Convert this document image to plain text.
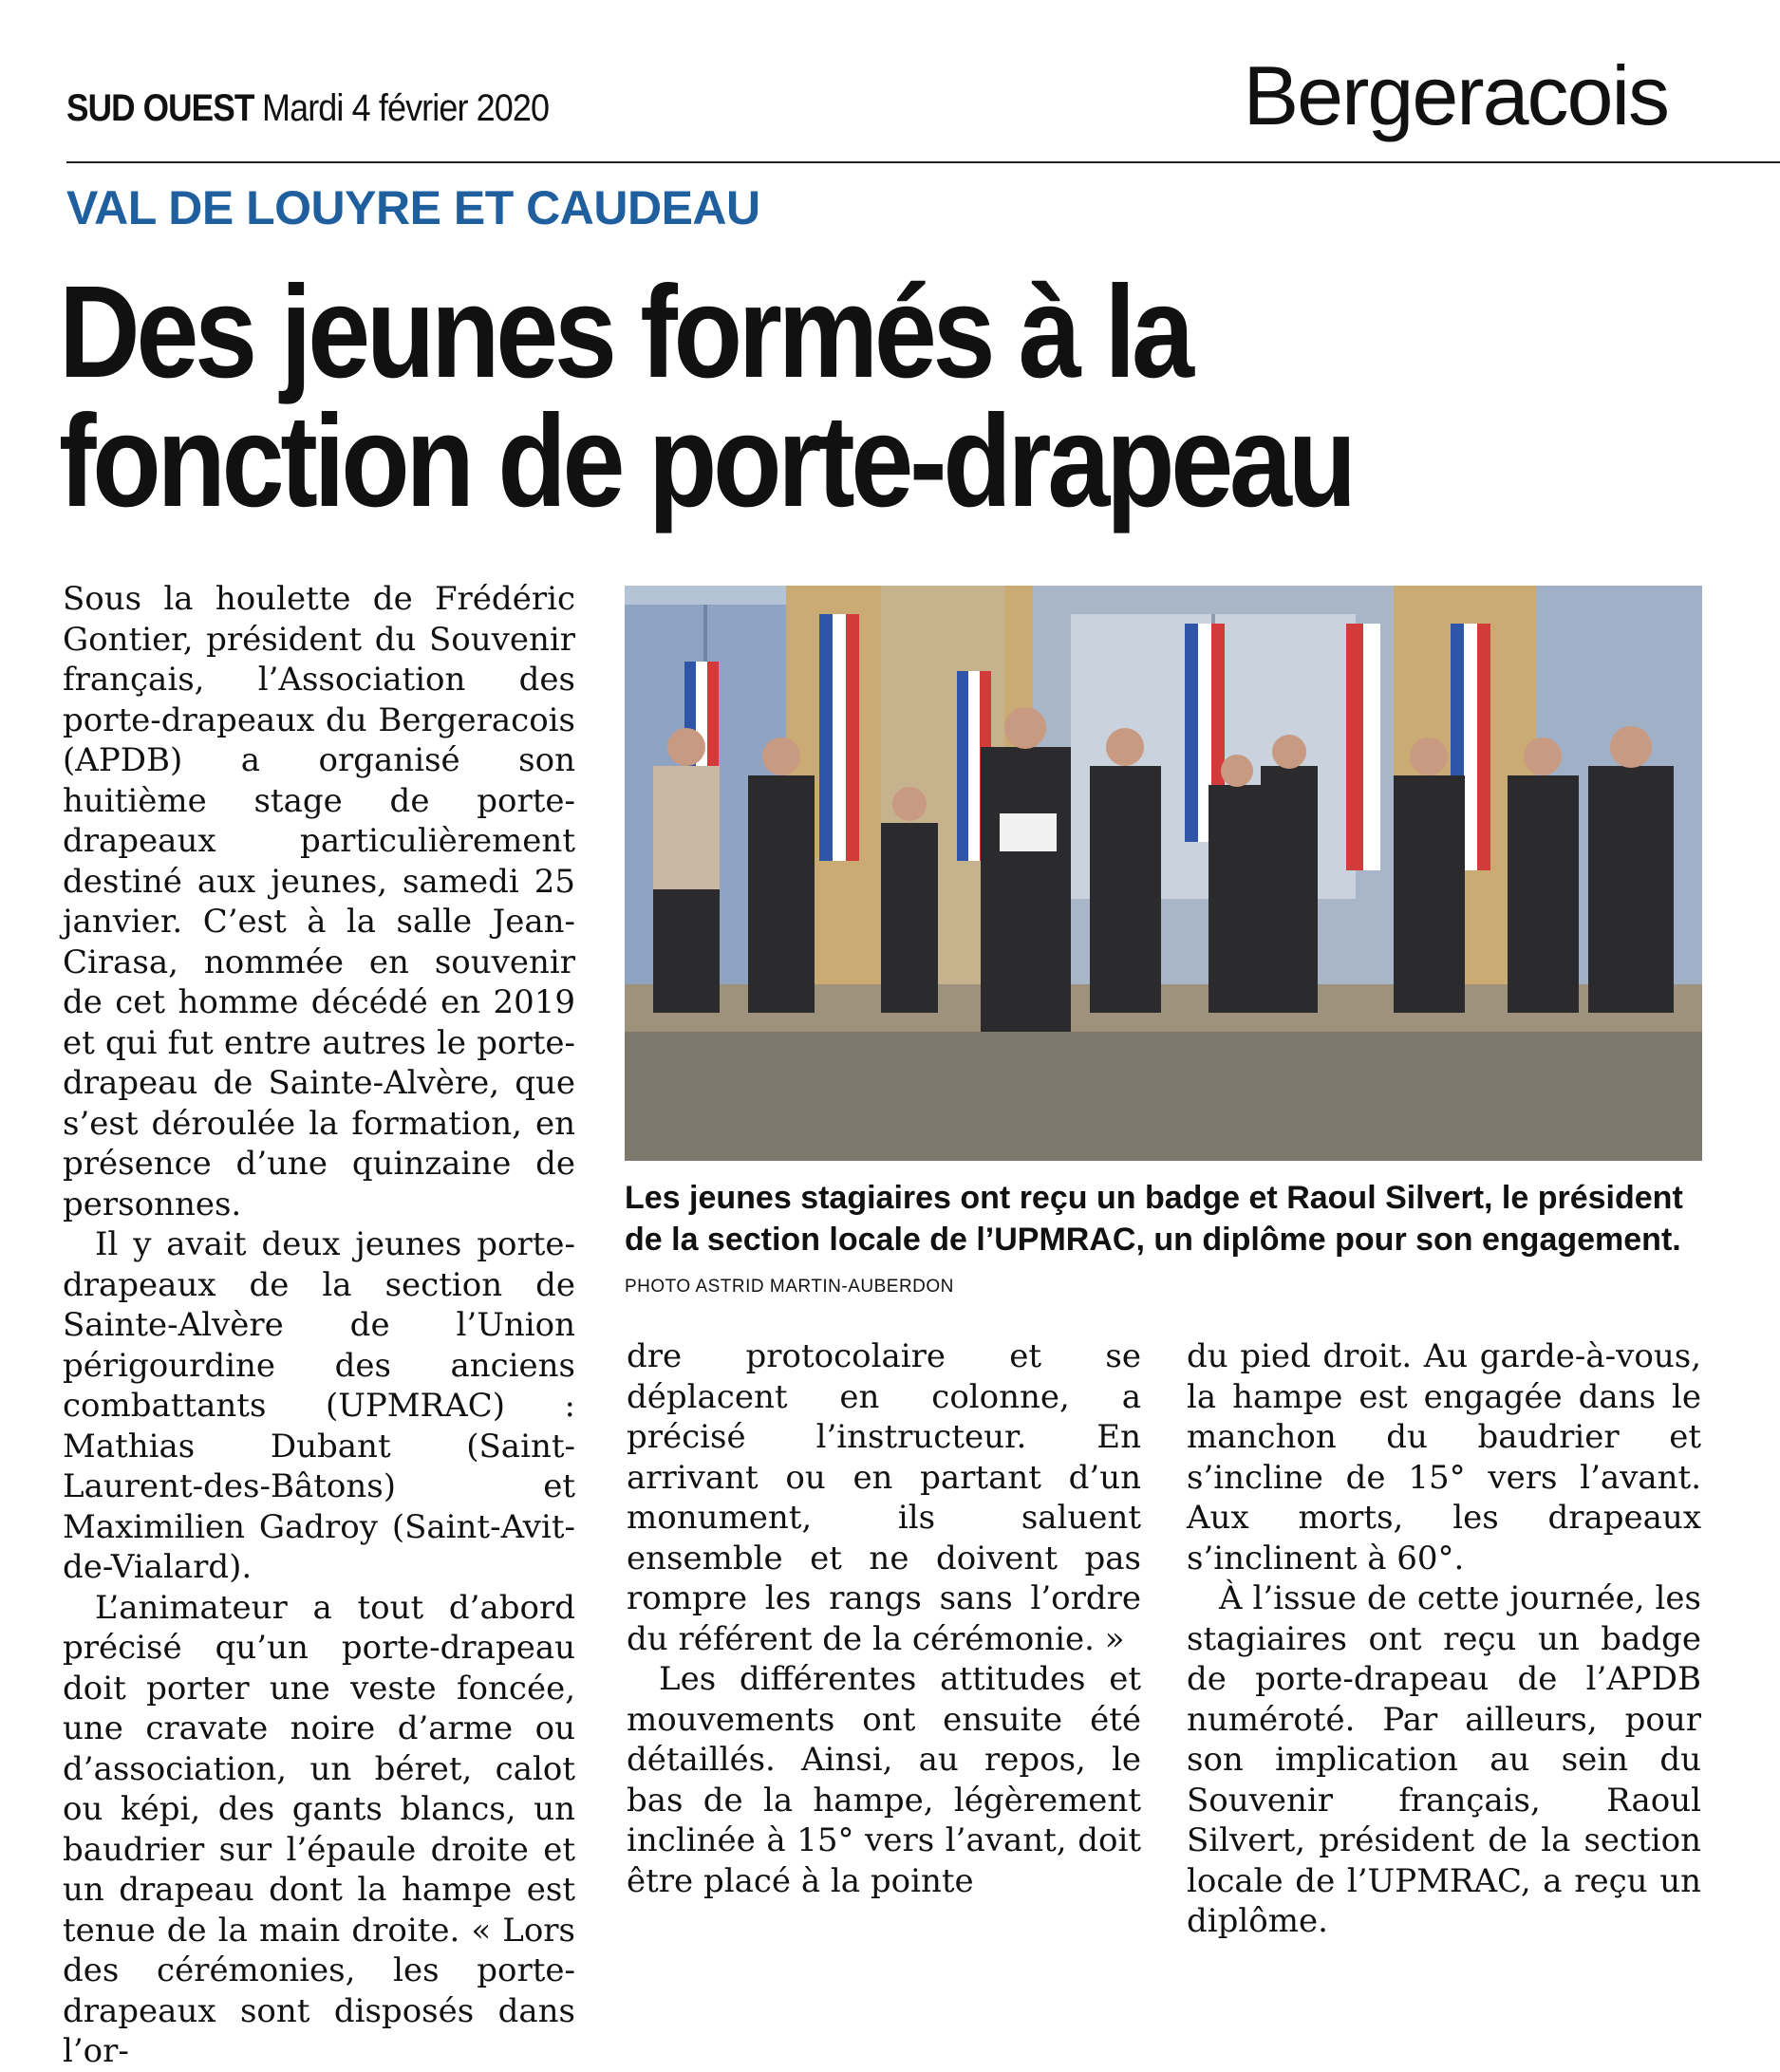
SUD OUEST Mardi 4 février 2020	Bergeracois
VAL DE LOUYRE ET CAUDEAU
Des jeunes formés à la
fonction de porte-drapeau

Sous la houlette de Frédéric Gontier, président du Souvenir français, l’Association des porte-drapeaux du Bergeracois (APDB) a organisé son huitième stage de porte-drapeaux particulièrement destiné aux jeunes, samedi 25 janvier. C’est à la salle Jean-Cirasa, nommée en souvenir de cet homme décédé en 2019 et qui fut entre autres le porte-drapeau de Sainte-Alvère, que s’est déroulée la formation, en présence d’une quinzaine de personnes.

Il y avait deux jeunes porte-drapeaux de la section de Sainte-Alvère de l’Union périgourdine des anciens combattants (UPMRAC) : Mathias Dubant (Saint-Laurent-des-Bâtons) et Maximilien Gadroy (Saint-Avit-de-Vialard).

L’animateur a tout d’abord précisé qu’un porte-drapeau doit porter une veste foncée, une cravate noire d’arme ou d’association, un béret, calot ou képi, des gants blancs, un baudrier sur l’épaule droite et un drapeau dont la hampe est tenue de la main droite. « Lors des cérémonies, les porte-drapeaux sont disposés dans l’or-

Les jeunes stagiaires ont reçu un badge et Raoul Silvert, le président de la section locale de l’UPMRAC, un diplôme pour son engagement. PHOTO ASTRID MARTIN-AUBERDON

dre protocolaire et se déplacent en colonne, a précisé l’instructeur. En arrivant ou en partant d’un monument, ils saluent ensemble et ne doivent pas rompre les rangs sans l’ordre du référent de la cérémonie. »

Les différentes attitudes et mouvements ont ensuite été détaillés. Ainsi, au repos, le bas de la hampe, légèrement inclinée à 15° vers l’avant, doit être placé à la pointe

du pied droit. Au garde-à-vous, la hampe est engagée dans le manchon du baudrier et s’incline de 15° vers l’avant. Aux morts, les drapeaux s’inclinent à 60°.

À l’issue de cette journée, les stagiaires ont reçu un badge de porte-drapeau de l’APDB numéroté. Par ailleurs, pour son implication au sein du Souvenir français, Raoul Silvert, président de la section locale de l’UPMRAC, a reçu un diplôme.
